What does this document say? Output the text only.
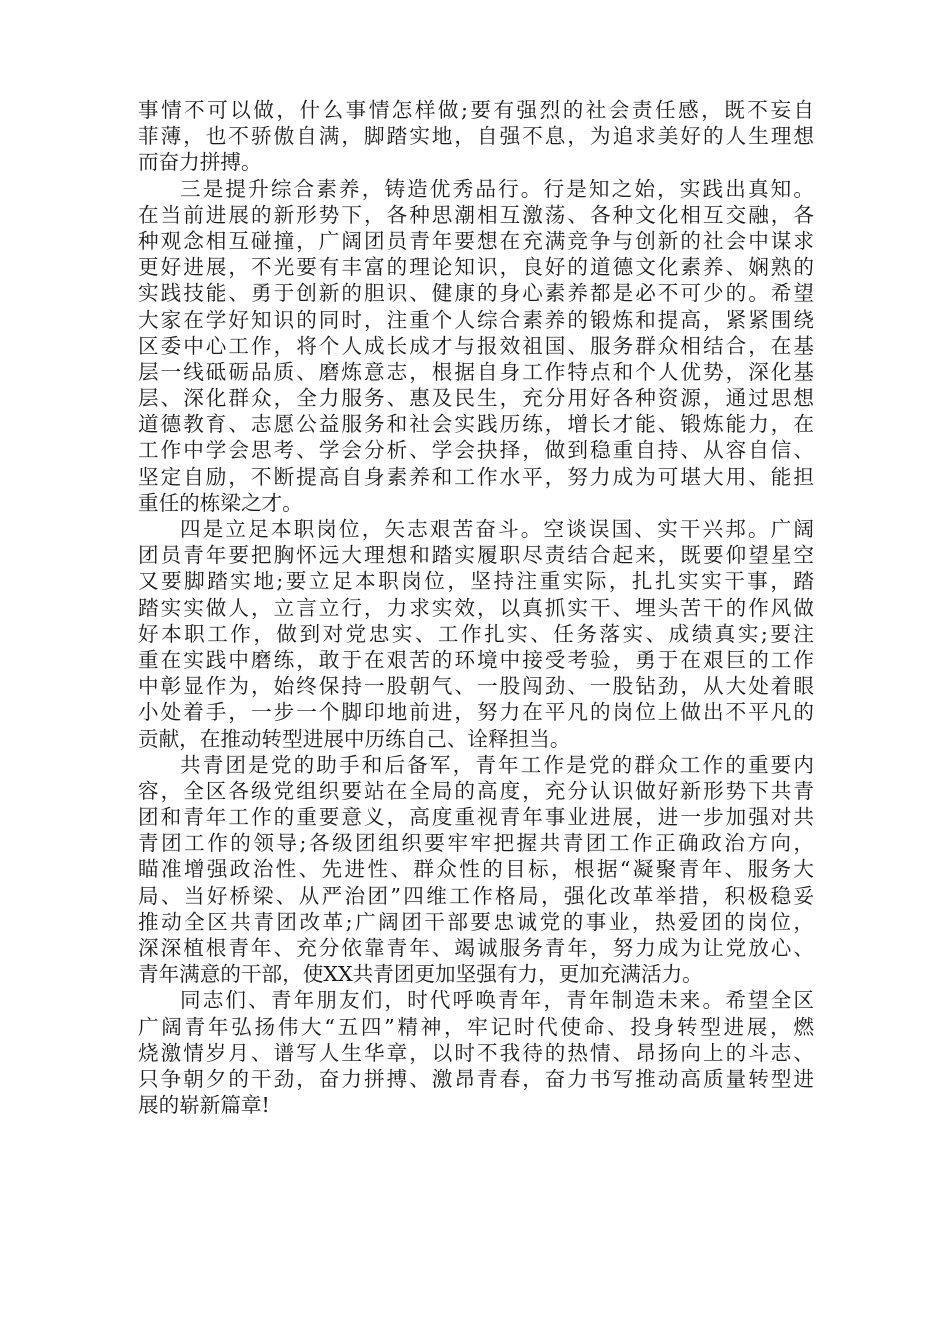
事情不可以做，什么事情怎样做;要有强烈的社会责任感，既不妄自
菲薄，也不骄傲自满，脚踏实地，自强不息，为追求美好的人生理想
而奋力拼搏。
三是提升综合素养，铸造优秀品行。行是知之始，实践出真知。
在当前进展的新形势下，各种思潮相互激荡、各种文化相互交融，各
种观念相互碰撞，广阔团员青年要想在充满竞争与创新的社会中谋求
更好进展，不光要有丰富的理论知识，良好的道德文化素养、娴熟的
实践技能、勇于创新的胆识、健康的身心素养都是必不可少的。希望
大家在学好知识的同时，注重个人综合素养的锻炼和提高，紧紧围绕
区委中心工作，将个人成长成才与报效祖国、服务群众相结合，在基
层一线砥砺品质、磨炼意志，根据自身工作特点和个人优势，深化基
层、深化群众，全力服务、惠及民生，充分用好各种资源，通过思想
道德教育、志愿公益服务和社会实践历练，增长才能、锻炼能力，在
工作中学会思考、学会分析、学会抉择，做到稳重自持、从容自信、
坚定自励，不断提高自身素养和工作水平，努力成为可堪大用、能担
重任的栋梁之才。
四是立足本职岗位，矢志艰苦奋斗。空谈误国、实干兴邦。广阔
团员青年要把胸怀远大理想和踏实履职尽责结合起来，既要仰望星空
又要脚踏实地;要立足本职岗位，坚持注重实际，扎扎实实干事，踏
踏实实做人，立言立行，力求实效，以真抓实干、埋头苦干的作风做
好本职工作，做到对党忠实、工作扎实、任务落实、成绩真实;要注
重在实践中磨练，敢于在艰苦的环境中接受考验，勇于在艰巨的工作
中彰显作为，始终保持一股朝气、一股闯劲、一股钻劲，从大处着眼
小处着手，一步一个脚印地前进，努力在平凡的岗位上做出不平凡的
贡献，在推动转型进展中历练自己、诠释担当。
共青团是党的助手和后备军，青年工作是党的群众工作的重要内
容，全区各级党组织要站在全局的高度，充分认识做好新形势下共青
团和青年工作的重要意义，高度重视青年事业进展，进一步加强对共
青团工作的领导;各级团组织要牢牢把握共青团工作正确政治方向，
瞄准增强政治性、先进性、群众性的目标，根据“凝聚青年、服务大
局、当好桥梁、从严治团”四维工作格局，强化改革举措，积极稳妥
推动全区共青团改革;广阔团干部要忠诚党的事业，热爱团的岗位，
深深植根青年、充分依靠青年、竭诚服务青年，努力成为让党放心、
青年满意的干部，使XX共青团更加坚强有力，更加充满活力。
同志们、青年朋友们，时代呼唤青年，青年制造未来。希望全区
广阔青年弘扬伟大“五四”精神，牢记时代使命、投身转型进展，燃
烧激情岁月、谱写人生华章，以时不我待的热情、昂扬向上的斗志、
只争朝夕的干劲，奋力拼搏、激昂青春，奋力书写推动高质量转型进
展的崭新篇章!
